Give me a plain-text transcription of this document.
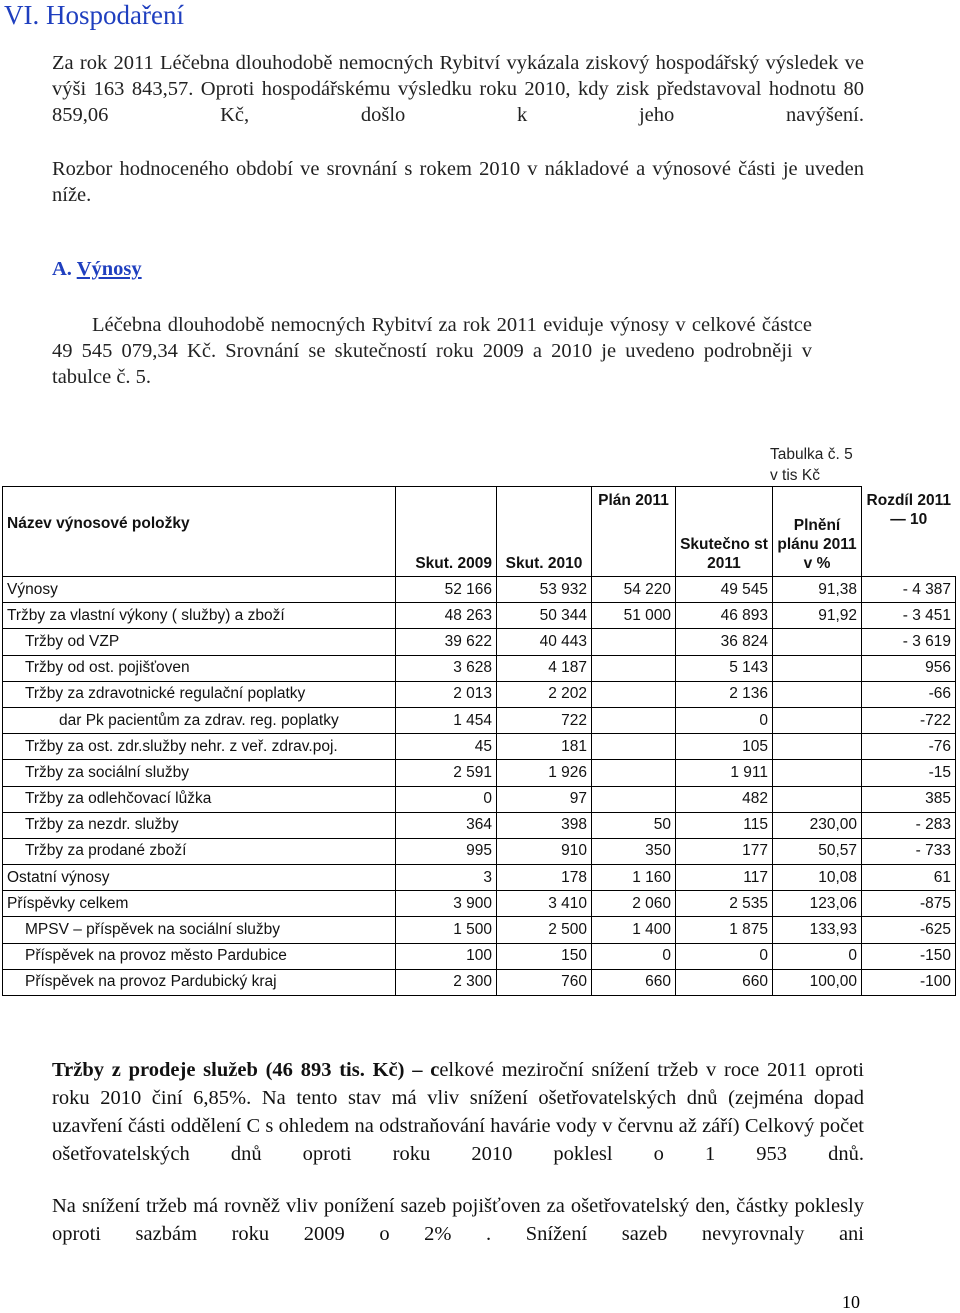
VI. Hospodaření
Za rok 2011 Léčebna dlouhodobě nemocných Rybitví vykázala ziskový hospodářský výsledek ve výši 163 843,57. Oproti hospodářskému výsledku roku 2010, kdy zisk představoval hodnotu 80 859,06 Kč, došlo k jeho navýšení.
Rozbor hodnoceného období ve srovnání s rokem 2010 v nákladové a výnosové části je uveden níže.
A. Výnosy
Léčebna dlouhodobě nemocných Rybitví za rok 2011 eviduje výnosy v celkové částce 49 545 079,34 Kč. Srovnání se skutečností roku 2009 a 2010 je uvedeno podrobněji v tabulce č. 5.
Tabulka č. 5
v tis Kč
Název výnosové položky	Skut. 2009	Skut. 2010	Plán 2011	Skutečno st 2011	Plnění plánu 2011 v %	Rozdíl 2011 — 10
Výnosy	52 166	53 932	54 220	49 545	91,38	- 4 387
Tržby za vlastní výkony ( služby) a zboží	48 263	50 344	51 000	46 893	91,92	- 3 451
Tržby od VZP	39 622	40 443		36 824		- 3 619
Tržby od ost. pojišťoven	3 628	4 187		5 143		956
Tržby za zdravotnické regulační poplatky	2 013	2 202		2 136		-66
dar Pk pacientům za zdrav. reg. poplatky	1 454	722		0		-722
Tržby za ost. zdr.služby nehr. z veř. zdrav.poj.	45	181		105		-76
Tržby za sociální služby	2 591	1 926		1 911		-15
Tržby za odlehčovací lůžka	0	97		482		385
Tržby za nezdr. služby	364	398	50	115	230,00	- 283
Tržby za prodané zboží	995	910	350	177	50,57	- 733
Ostatní výnosy	3	178	1 160	117	10,08	61
Příspěvky celkem	3 900	3 410	2 060	2 535	123,06	-875
MPSV – příspěvek na sociální služby	1 500	2 500	1 400	1 875	133,93	-625
Příspěvek na provoz město Pardubice	100	150	0	0	0	-150
Příspěvek na provoz Pardubický kraj	2 300	760	660	660	100,00	-100
Tržby z prodeje služeb (46 893 tis. Kč) – celkové meziroční snížení tržeb v roce 2011 oproti roku 2010 činí 6,85%. Na tento stav má vliv snížení ošetřovatelských dnů (zejména dopad uzavření části oddělení C s ohledem na odstraňování havárie vody v červnu až září) Celkový počet ošetřovatelských dnů oproti roku 2010 poklesl o 1 953 dnů.
Na snížení tržeb má rovněž vliv ponížení sazeb pojišťoven za ošetřovatelský den, částky poklesly oproti sazbám roku 2009 o 2% . Snížení sazeb nevyrovnaly ani
10
